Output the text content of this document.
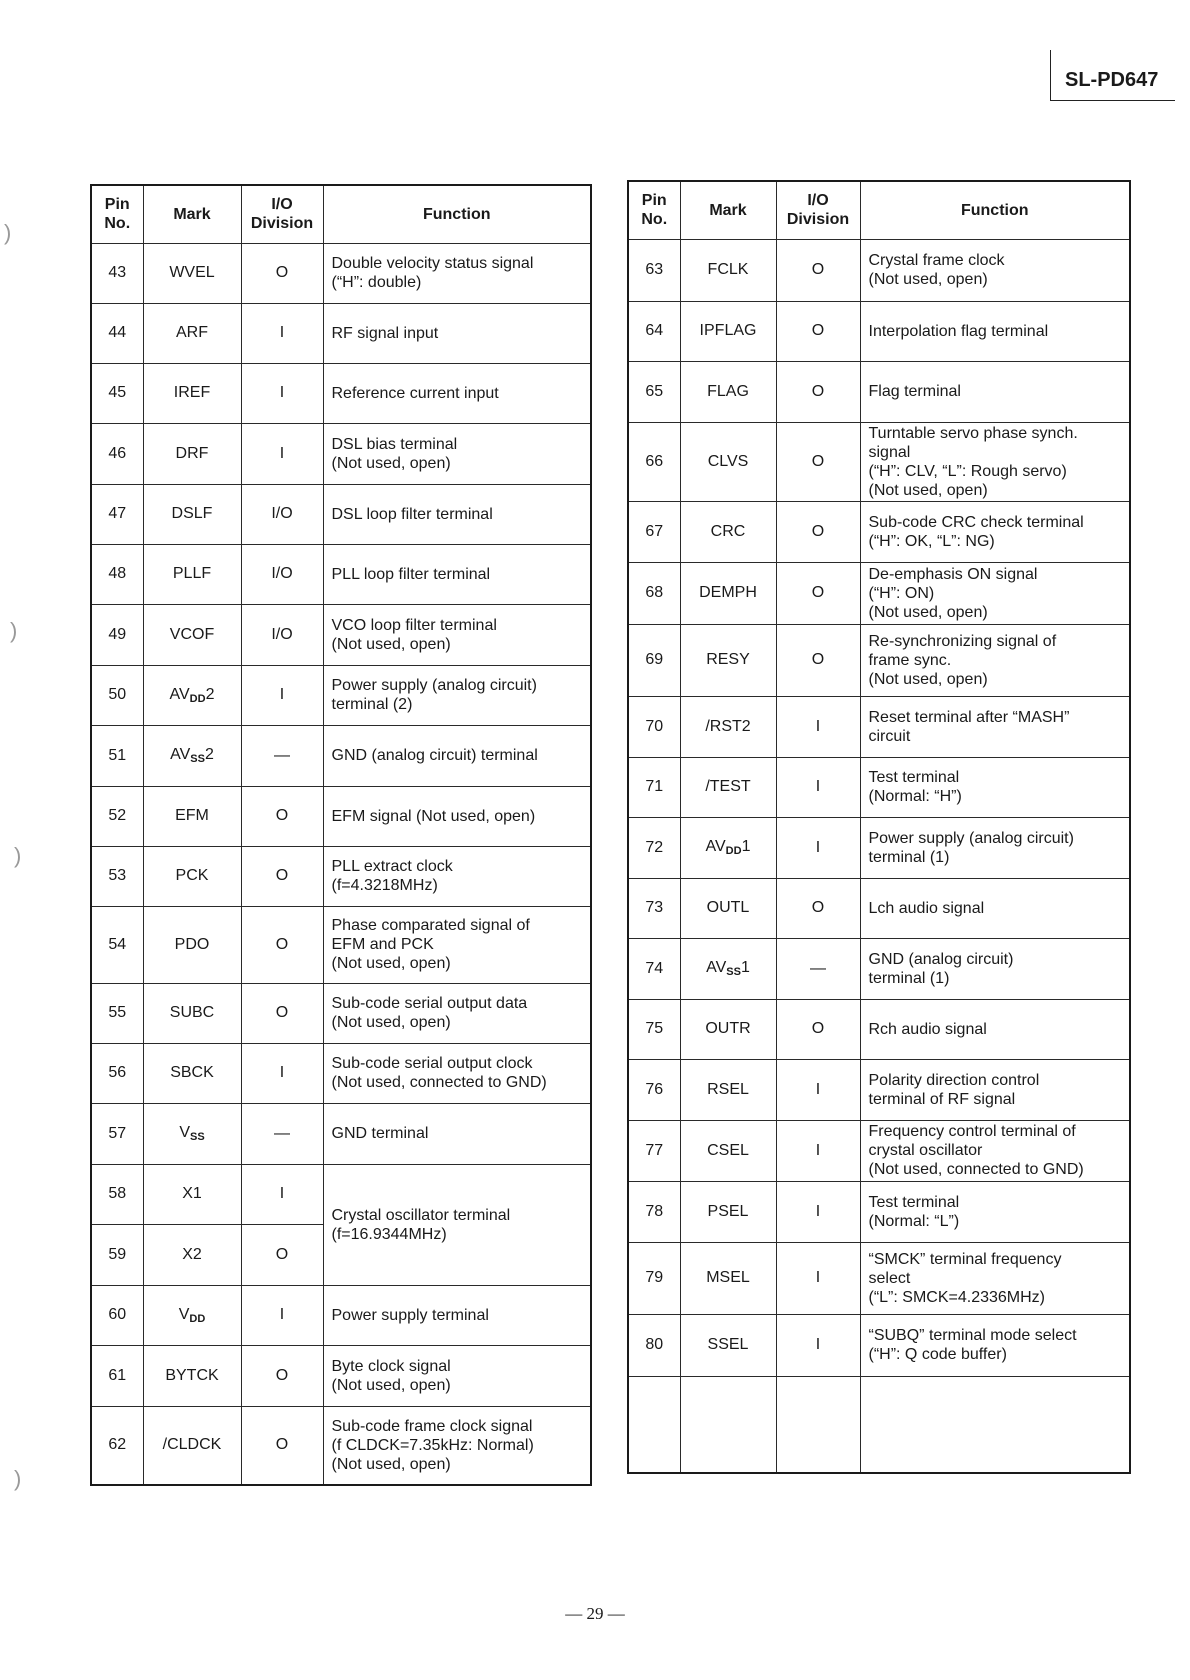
SL-PD647
)
)
)
)
Pin No.	Mark	I/O Division	Function
43	WVEL	O	Double velocity status signal
(“H”: double)
44	ARF	I	RF signal input
45	IREF	I	Reference current input
46	DRF	I	DSL bias terminal
(Not used, open)
47	DSLF	I/O	DSL loop filter terminal
48	PLLF	I/O	PLL loop filter terminal
49	VCOF	I/O	VCO loop filter terminal
(Not used, open)
50	$AV_{DD}2$	I	Power supply (analog circuit)
terminal (2)
51	$AV_{SS}2$	—	GND (analog circuit) terminal
52	EFM	O	EFM signal (Not used, open)
53	PCK	O	PLL extract clock
(f=4.3218MHz)
54	PDO	O	Phase comparated signal of
EFM and PCK
(Not used, open)
55	SUBC	O	Sub-code serial output data
(Not used, open)
56	SBCK	I	Sub-code serial output clock
(Not used, connected to GND)
57	$V_{SS}$	—	GND terminal
58	X1	I	Crystal oscillator terminal
(f=16.9344MHz)
59	X2	O	
60	$V_{DD}$	I	Power supply terminal
61	BYTCK	O	Byte clock signal
(Not used, open)
62	/CLDCK	O	Sub-code frame clock signal
(f CLDCK=7.35kHz: Normal)
(Not used, open)
Pin No.	Mark	I/O Division	Function
63	FCLK	O	Crystal frame clock
(Not used, open)
64	IPFLAG	O	Interpolation flag terminal
65	FLAG	O	Flag terminal
66	CLVS	O	Turntable servo phase synch.
signal
(“H”: CLV, “L”: Rough servo)
(Not used, open)
67	CRC	O	Sub-code CRC check terminal
(“H”: OK, “L”: NG)
68	DEMPH	O	De-emphasis ON signal
(“H”: ON)
(Not used, open)
69	RESY	O	Re-synchronizing signal of
frame sync.
(Not used, open)
70	/RST2	I	Reset terminal after “MASH”
circuit
71	/TEST	I	Test terminal
(Normal: “H”)
72	$AV_{DD}1$	I	Power supply (analog circuit)
terminal (1)
73	OUTL	O	Lch audio signal
74	$AV_{SS}1$	—	GND (analog circuit)
terminal (1)
75	OUTR	O	Rch audio signal
76	RSEL	I	Polarity direction control
terminal of RF signal
77	CSEL	I	Frequency control terminal of
crystal oscillator
(Not used, connected to GND)
78	PSEL	I	Test terminal
(Normal: “L”)
79	MSEL	I	“SMCK” terminal frequency
select
(“L”: SMCK=4.2336MHz)
80	SSEL	I	“SUBQ” terminal mode select
(“H”: Q code buffer)

— 29 —
